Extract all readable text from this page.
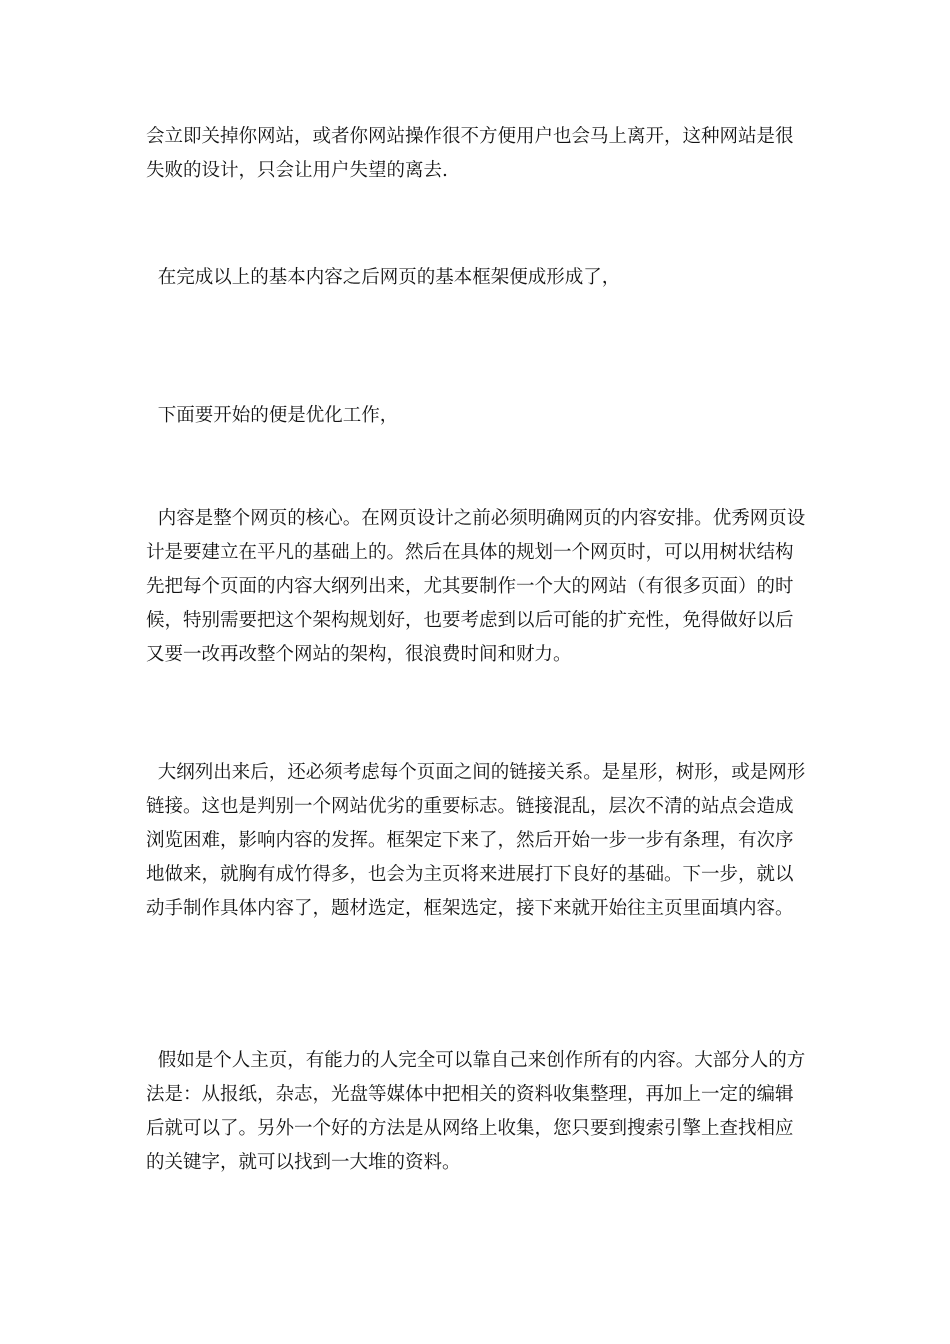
会立即关掉你网站，或者你网站操作很不方便用户也会马上离开，这种网站是很失败的设计，只会让用户失望的离去.

在完成以上的基本内容之后网页的基本框架便成形成了，

下面要开始的便是优化工作，

内容是整个网页的核心。在网页设计之前必须明确网页的内容安排。优秀网页设计是要建立在平凡的基础上的。然后在具体的规划一个网页时，可以用树状结构先把每个页面的内容大纲列出来，尤其要制作一个大的网站（有很多页面）的时候，特别需要把这个架构规划好，也要考虑到以后可能的扩充性，免得做好以后又要一改再改整个网站的架构，很浪费时间和财力。

大纲列出来后，还必须考虑每个页面之间的链接关系。是星形，树形，或是网形链接。这也是判别一个网站优劣的重要标志。链接混乱，层次不清的站点会造成浏览困难，影响内容的发挥。框架定下来了，然后开始一步一步有条理，有次序地做来，就胸有成竹得多，也会为主页将来进展打下良好的基础。下一步，就以动手制作具体内容了，题材选定，框架选定，接下来就开始往主页里面填内容。

假如是个人主页，有能力的人完全可以靠自己来创作所有的内容。大部分人的方法是：从报纸，杂志，光盘等媒体中把相关的资料收集整理，再加上一定的编辑后就可以了。另外一个好的方法是从网络上收集，您只要到搜索引擎上查找相应的关键字，就可以找到一大堆的资料。
